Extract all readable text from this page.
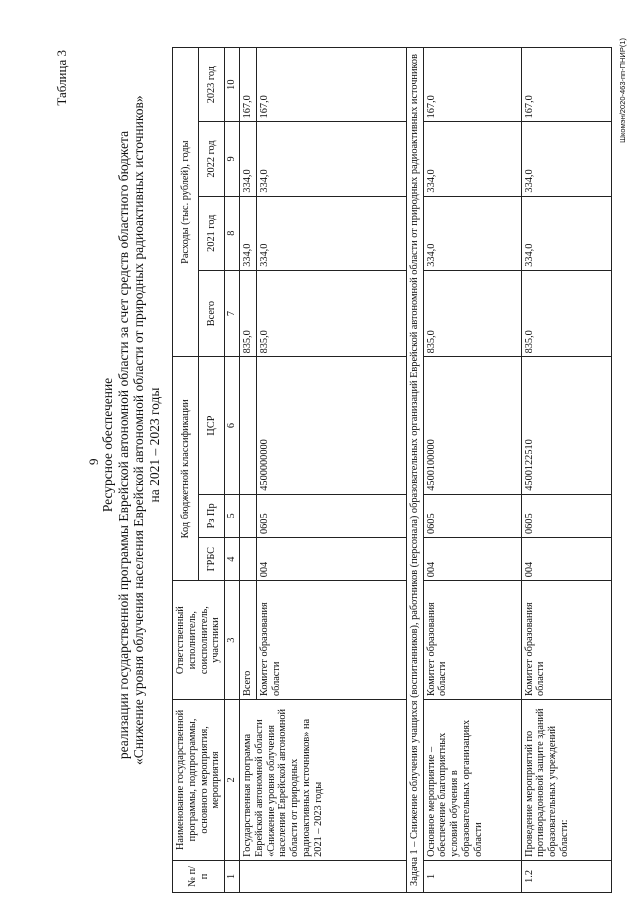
9
Таблица 3
Ресурсное обеспечение реализации государственной программы Еврейской автономной области за счет средств областного бюджета «Снижение уровня облучения населения Еврейской автономной области от природных радиоактивных источников» на 2021 – 2023 годы
№ п/п	Наименование государственной программы, подпрограммы, основного мероприятия, мероприятия	Ответственный исполнитель, соисполнитель, участники	Код бюджетной классификации			Расходы (тыс. рублей), годы			
			ГРБС	Рз Пр	ЦСР	Всего	2021 год	2022 год	2023 год
1	2	3	4	5	6	7	8	9	10
	Государственная программа Еврейской автономной области «Снижение уровня облучения населения Еврейской автономной области от природных радиоактивных источников» на 2021 – 2023 годы	Всего				835,0	334,0	334,0	167,0
		Комитет образования области	004	0605	4500000000	835,0	334,0	334,0	167,0
Задача 1 – Снижение облучения учащихся (воспитанников), работников (персонала) образовательных организаций Еврейской автономной области от природных радиоактивных источников									
1	Основное мероприятие – обеспечение благоприятных условий обучения в образовательных организациях области	Комитет образования области	004	0605	4500100000	835,0	334,0	334,0	167,0
1.2	Проведение мероприятий по противорадоновой защите зданий образовательных учреждений области:	Комитет образования области	004	0605	4500122510	835,0	334,0	334,0	167,0	Шкомэн/2020-463-пп-ПНИР(1)
